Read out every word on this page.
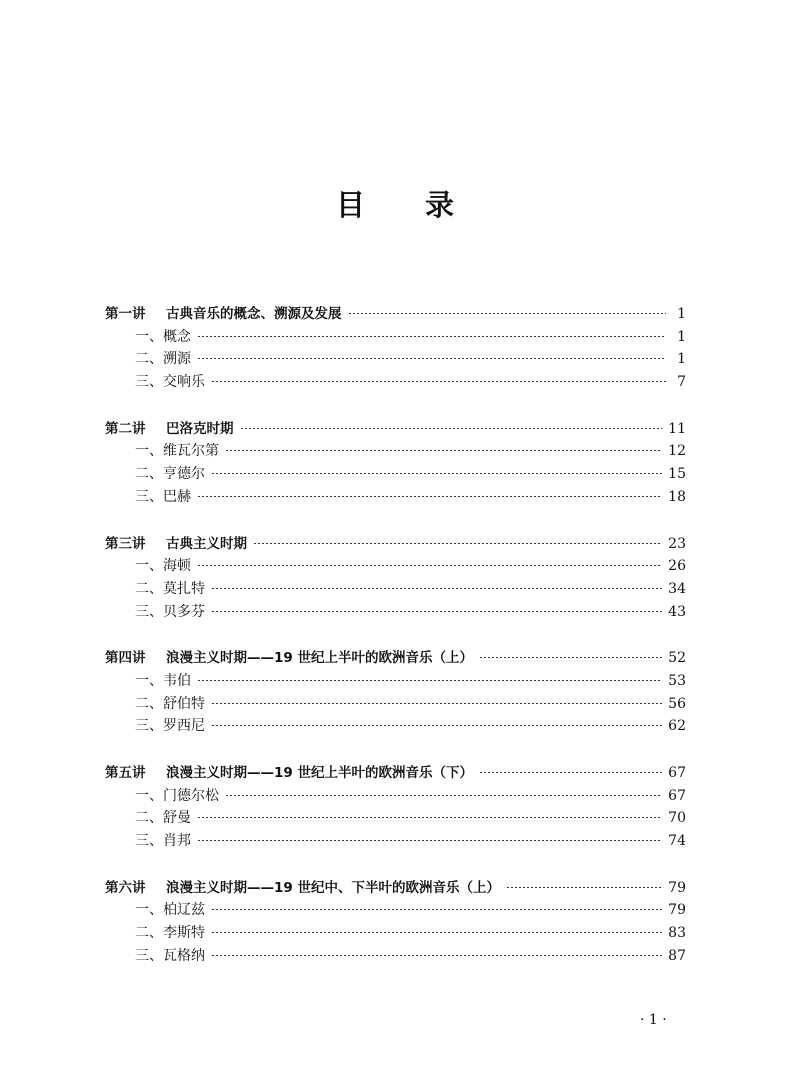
目 录
第一讲	古典音乐的概念、溯源及发展	1
一、概念	1
二、溯源	1
三、交响乐	7
第二讲	巴洛克时期	11
一、维瓦尔第	12
二、亨德尔	15
三、巴赫	18
第三讲	古典主义时期	23
一、海顿	26
二、莫扎特	34
三、贝多芬	43
第四讲	浪漫主义时期——19 世纪上半叶的欧洲音乐（上）	52
一、韦伯	53
二、舒伯特	56
三、罗西尼	62
第五讲	浪漫主义时期——19 世纪上半叶的欧洲音乐（下）	67
一、门德尔松	67
二、舒曼	70
三、肖邦	74
第六讲	浪漫主义时期——19 世纪中、下半叶的欧洲音乐（上）	79
一、柏辽兹	79
二、李斯特	83
三、瓦格纳	87
· 1 ·
